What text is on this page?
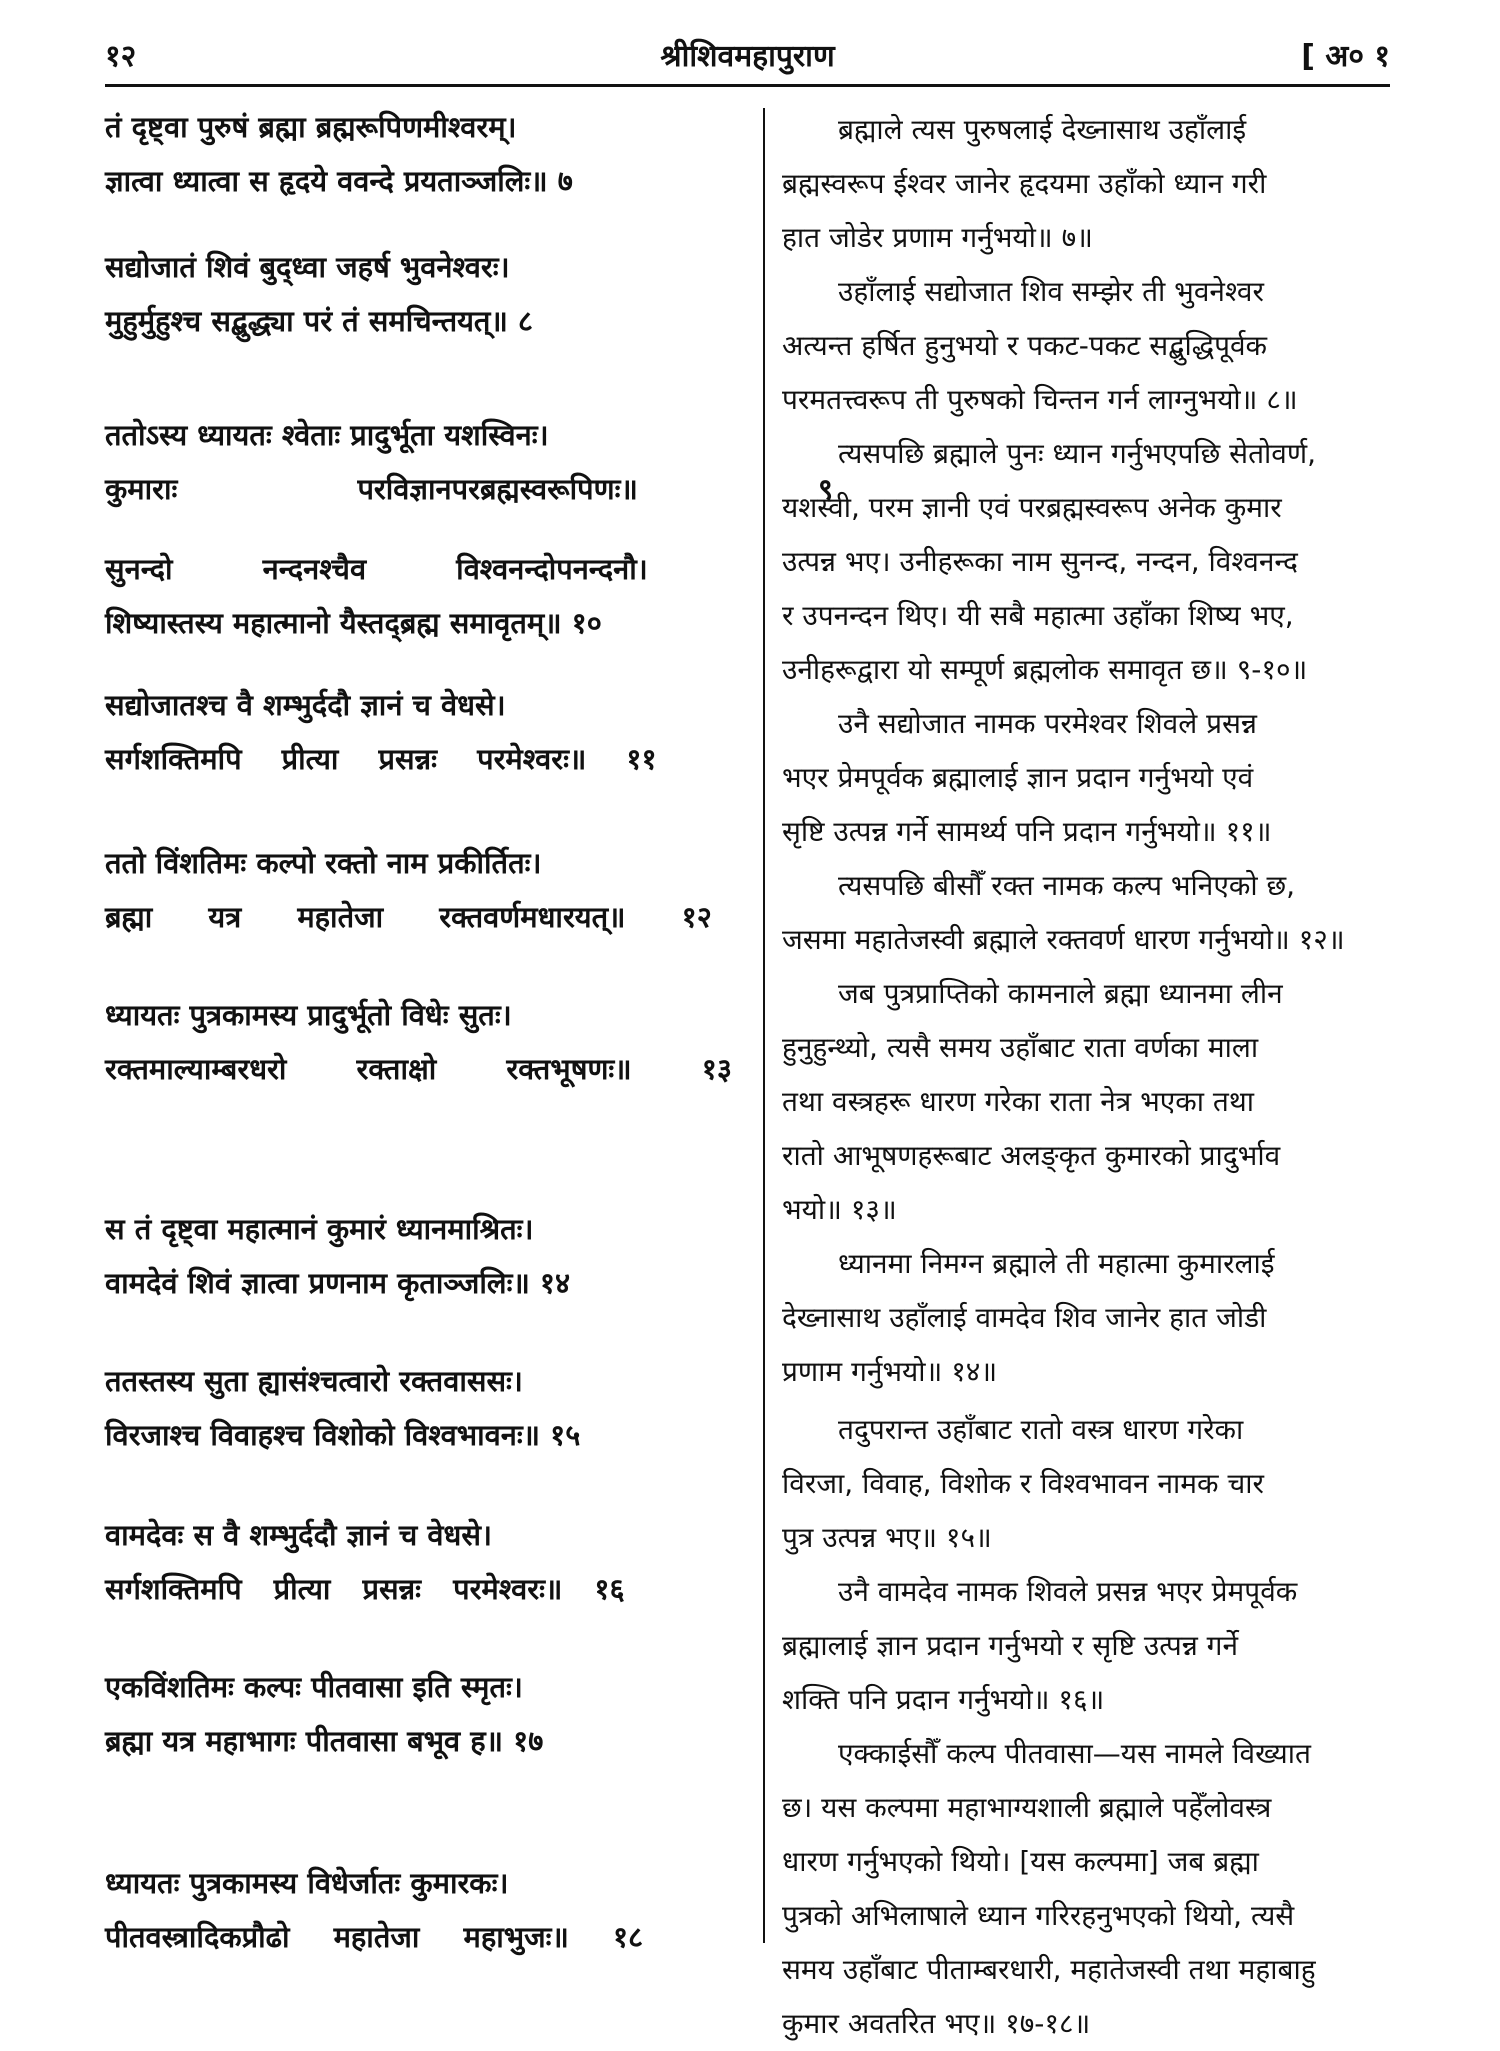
१२	श्रीशिवमहापुराण	[ अ० १
तं दृष्ट्वा पुरुषं ब्रह्मा ब्रह्मरूपिणमीश्वरम्।
ज्ञात्वा ध्यात्वा स हृदये ववन्दे प्रयताञ्जलिः॥ ७
सद्योजातं शिवं बुद्ध्वा जहर्ष भुवनेश्वरः।
मुहुर्मुहुश्च सद्बुद्ध्या परं तं समचिन्तयत्॥ ८
ततोऽस्य ध्यायतः श्वेताः प्रादुर्भूता यशस्विनः।
कुमाराः परविज्ञानपरब्रह्मस्वरूपिणः॥ ९
सुनन्दो नन्दनश्चैव विश्वनन्दोपनन्दनौ।
शिष्यास्तस्य महात्मानो यैस्तद्ब्रह्म समावृतम्॥ १०
सद्योजातश्च वै शम्भुर्ददौ ज्ञानं च वेधसे।
सर्गशक्तिमपि प्रीत्या प्रसन्नः परमेश्वरः॥ ११
ततो विंशतिमः कल्पो रक्तो नाम प्रकीर्तितः।
ब्रह्मा यत्र महातेजा रक्तवर्णमधारयत्॥ १२
ध्यायतः पुत्रकामस्य प्रादुर्भूतो विधेः सुतः।
रक्तमाल्याम्बरधरो रक्ताक्षो रक्तभूषणः॥ १३
स तं दृष्ट्वा महात्मानं कुमारं ध्यानमाश्रितः।
वामदेवं शिवं ज्ञात्वा प्रणनाम कृताञ्जलिः॥ १४
ततस्तस्य सुता ह्यासंश्चत्वारो रक्तवाससः।
विरजाश्च विवाहश्च विशोको विश्वभावनः॥ १५
वामदेवः स वै शम्भुर्ददौ ज्ञानं च वेधसे।
सर्गशक्तिमपि प्रीत्या प्रसन्नः परमेश्वरः॥ १६
एकविंशतिमः कल्पः पीतवासा इति स्मृतः।
ब्रह्मा यत्र महाभागः पीतवासा बभूव ह॥ १७
ध्यायतः पुत्रकामस्य विधेर्जातः कुमारकः।
पीतवस्त्रादिकप्रौढो महातेजा महाभुजः॥ १८
ब्रह्माले त्यस पुरुषलाई देख्नासाथ उहाँलाई
ब्रह्मस्वरूप ईश्वर जानेर हृदयमा उहाँको ध्यान गरी
हात जोडेर प्रणाम गर्नुभयो॥ ७॥
उहाँलाई सद्योजात शिव सम्झेर ती भुवनेश्वर
अत्यन्त हर्षित हुनुभयो र पकट-पकट सद्बुद्धिपूर्वक
परमतत्त्वरूप ती पुरुषको चिन्तन गर्न लाग्नुभयो॥ ८॥
त्यसपछि ब्रह्माले पुनः ध्यान गर्नुभएपछि सेतोवर्ण,
यशस्वी, परम ज्ञानी एवं परब्रह्मस्वरूप अनेक कुमार
उत्पन्न भए। उनीहरूका नाम सुनन्द, नन्दन, विश्वनन्द
र उपनन्दन थिए। यी सबै महात्मा उहाँका शिष्य भए,
उनीहरूद्वारा यो सम्पूर्ण ब्रह्मलोक समावृत छ॥ ९-१०॥
उनै सद्योजात नामक परमेश्वर शिवले प्रसन्न
भएर प्रेमपूर्वक ब्रह्मालाई ज्ञान प्रदान गर्नुभयो एवं
सृष्टि उत्पन्न गर्ने सामर्थ्य पनि प्रदान गर्नुभयो॥ ११॥
त्यसपछि बीसौँ रक्त नामक कल्प भनिएको छ,
जसमा महातेजस्वी ब्रह्माले रक्तवर्ण धारण गर्नुभयो॥ १२॥
जब पुत्रप्राप्तिको कामनाले ब्रह्मा ध्यानमा लीन
हुनुहुन्थ्यो, त्यसै समय उहाँबाट राता वर्णका माला
तथा वस्त्रहरू धारण गरेका राता नेत्र भएका तथा
रातो आभूषणहरूबाट अलङ्कृत कुमारको प्रादुर्भाव
भयो॥ १३॥
ध्यानमा निमग्न ब्रह्माले ती महात्मा कुमारलाई
देख्नासाथ उहाँलाई वामदेव शिव जानेर हात जोडी
प्रणाम गर्नुभयो॥ १४॥
तदुपरान्त उहाँबाट रातो वस्त्र धारण गरेका
विरजा, विवाह, विशोक र विश्वभावन नामक चार
पुत्र उत्पन्न भए॥ १५॥
उनै वामदेव नामक शिवले प्रसन्न भएर प्रेमपूर्वक
ब्रह्मालाई ज्ञान प्रदान गर्नुभयो र सृष्टि उत्पन्न गर्ने
शक्ति पनि प्रदान गर्नुभयो॥ १६॥
एक्काईसौँ कल्प पीतवासा—यस नामले विख्यात
छ। यस कल्पमा महाभाग्यशाली ब्रह्माले पहेँलोवस्त्र
धारण गर्नुभएको थियो। [यस कल्पमा] जब ब्रह्मा
पुत्रको अभिलाषाले ध्यान गरिरहनुभएको थियो, त्यसै
समय उहाँबाट पीताम्बरधारी, महातेजस्वी तथा महाबाहु
कुमार अवतरित भए॥ १७-१८॥
